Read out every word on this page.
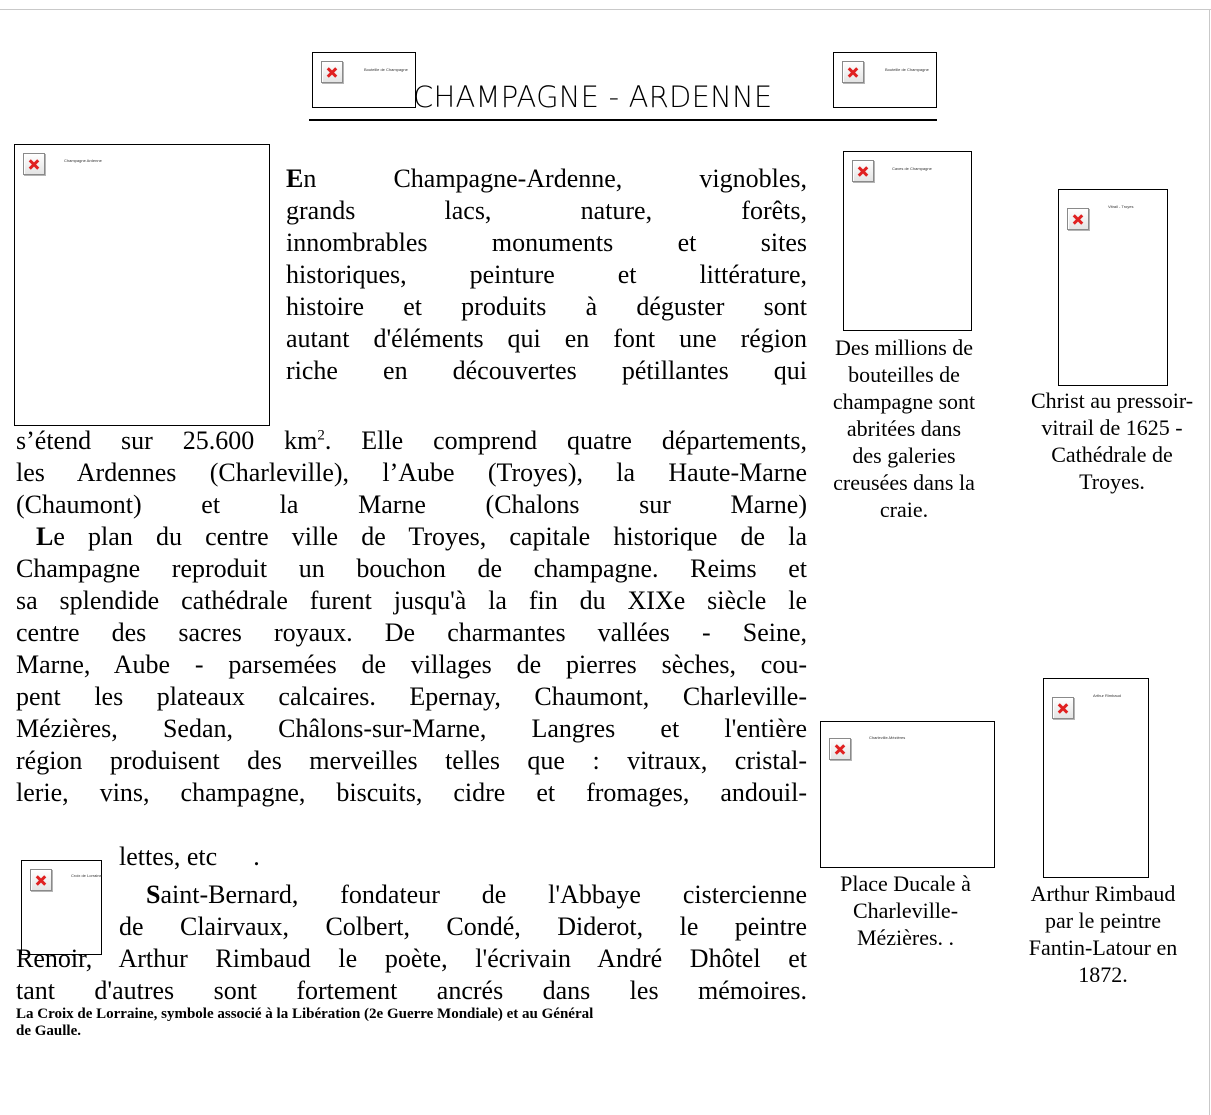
Bouteille de Champagne
CHAMPAGNE - ARDENNE
Bouteille de Champagne
Champagne Ardenne
En Champagne-Ardenne, vignobles,
grands lacs, nature, forêts,
innombrables monuments et sites
historiques, peinture et littérature,
histoire et produits à déguster sont
autant d'éléments qui en font une région
riche en découvertes pétillantes qui
s’étend sur 25.600 $km^2$. Elle comprend quatre départements,
les Ardennes (Charleville), l’Aube (Troyes), la Haute-Marne
(Chaumont) et la Marne (Chalons sur Marne)
Le plan du centre ville de Troyes, capitale historique de la
Champagne reproduit un bouchon de champagne. Reims et
sa splendide cathédrale furent jusqu'à la fin du XIXe siècle le
centre des sacres royaux. De charmantes vallées - Seine,
Marne, Aube - parsemées de villages de pierres sèches, cou-
pent les plateaux calcaires. Epernay, Chaumont, Charleville-
Mézières, Sedan, Châlons-sur-Marne, Langres et l'entière
région produisent des merveilles telles que : vitraux, cristal-
lerie, vins, champagne, biscuits, cidre et fromages, andouil-
Croix de Lorraine
lettes, etc .
Saint-Bernard, fondateur de l'Abbaye cistercienne
de Clairvaux, Colbert, Condé, Diderot, le peintre
Renoir, Arthur Rimbaud le poète, l'écrivain André Dhôtel et
tant d'autres sont fortement ancrés dans les mémoires.
La Croix de Lorraine, symbole associé à la Libération (2e Guerre Mondiale) et au Général
de Gaulle.
Caves de Champagne
Des millions de
bouteilles de
champagne sont
abritées dans
des galeries
creusées dans la
craie.
Vitrail - Troyes
Christ au pressoir-
vitrail de 1625 -
Cathédrale de
Troyes.
Charleville-Mézières
Place Ducale à
Charleville-
Mézières. .
Arthur Rimbaud
Arthur Rimbaud
par le peintre
Fantin-Latour en
1872.
